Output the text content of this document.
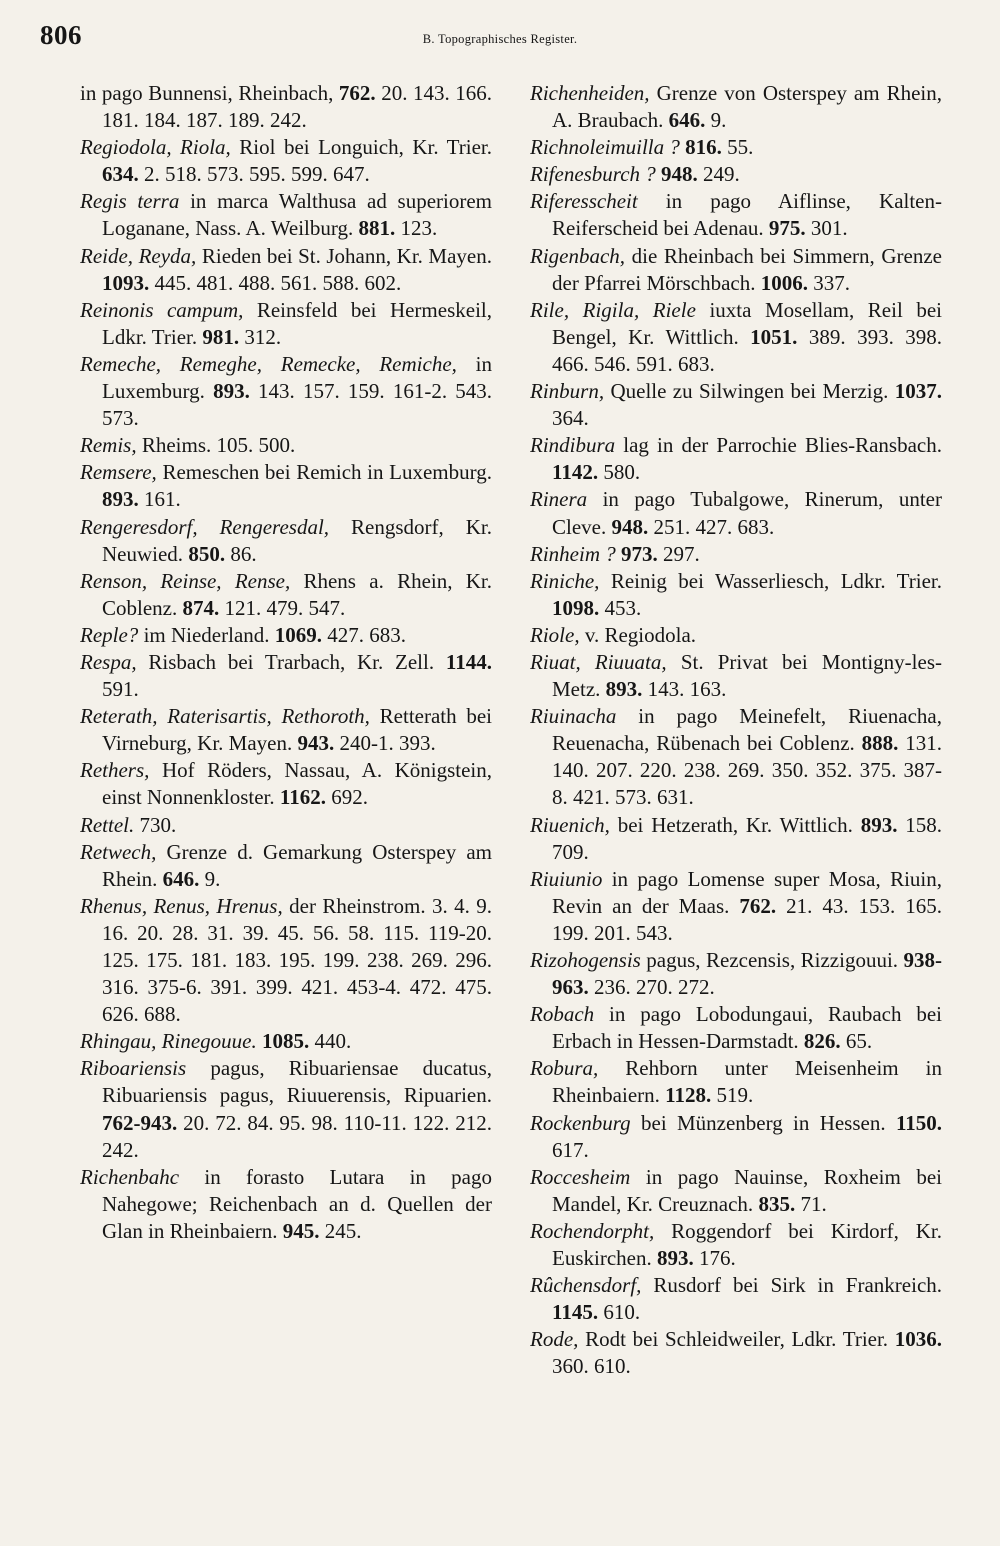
806	B. Topographisches Register.

in pago Bunnensi, Rheinbach, 762. 20. 143. 166. 181. 184. 187. 189. 242.

Regiodola, Riola, Riol bei Longuich, Kr. Trier. 634. 2. 518. 573. 595. 599. 647.

Regis terra in marca Walthusa ad superiorem Loganane, Nass. A. Weilburg. 881. 123.

Reide, Reyda, Rieden bei St. Johann, Kr. Mayen. 1093. 445. 481. 488. 561. 588. 602.

Reinonis campum, Reinsfeld bei Hermeskeil, Ldkr. Trier. 981. 312.

Remeche, Remeghe, Remecke, Remiche, in Luxemburg. 893. 143. 157. 159. 161-2. 543. 573.

Remis, Rheims. 105. 500.

Remsere, Remeschen bei Remich in Luxemburg. 893. 161.

Rengeresdorf, Rengeresdal, Rengsdorf, Kr. Neuwied. 850. 86.

Renson, Reinse, Rense, Rhens a. Rhein, Kr. Coblenz. 874. 121. 479. 547.

Reple? im Niederland. 1069. 427. 683.

Respa, Risbach bei Trarbach, Kr. Zell. 1144. 591.

Reterath, Raterisartis, Rethoroth, Retterath bei Virneburg, Kr. Mayen. 943. 240-1. 393.

Rethers, Hof Röders, Nassau, A. Königstein, einst Nonnenkloster. 1162. 692.

Rettel. 730.

Retwech, Grenze d. Gemarkung Osterspey am Rhein. 646. 9.

Rhenus, Renus, Hrenus, der Rheinstrom. 3. 4. 9. 16. 20. 28. 31. 39. 45. 56. 58. 115. 119-20. 125. 175. 181. 183. 195. 199. 238. 269. 296. 316. 375-6. 391. 399. 421. 453-4. 472. 475. 626. 688.

Rhingau, Rinegouue. 1085. 440.

Riboariensis pagus, Ribuariensae ducatus, Ribuariensis pagus, Riuuerensis, Ripuarien. 762-943. 20. 72. 84. 95. 98. 110-11. 122. 212. 242.

Richenbahc in forasto Lutara in pago Nahegowe; Reichenbach an d. Quellen der Glan in Rheinbaiern. 945. 245.

Richenheiden, Grenze von Osterspey am Rhein, A. Braubach. 646. 9.

Richnoleimuilla ? 816. 55.

Rifenesburch ? 948. 249.

Riferesscheit in pago Aiflinse, Kalten-Reiferscheid bei Adenau. 975. 301.

Rigenbach, die Rheinbach bei Simmern, Grenze der Pfarrei Mörschbach. 1006. 337.

Rile, Rigila, Riele iuxta Mosellam, Reil bei Bengel, Kr. Wittlich. 1051. 389. 393. 398. 466. 546. 591. 683.

Rinburn, Quelle zu Silwingen bei Merzig. 1037. 364.

Rindibura lag in der Parrochie Blies-Ransbach. 1142. 580.

Rinera in pago Tubalgowe, Rinerum, unter Cleve. 948. 251. 427. 683.

Rinheim ? 973. 297.

Riniche, Reinig bei Wasserliesch, Ldkr. Trier. 1098. 453.

Riole, v. Regiodola.

Riuat, Riuuata, St. Privat bei Montigny-les-Metz. 893. 143. 163.

Riuinacha in pago Meinefelt, Riuenacha, Reuenacha, Rübenach bei Coblenz. 888. 131. 140. 207. 220. 238. 269. 350. 352. 375. 387-8. 421. 573. 631.

Riuenich, bei Hetzerath, Kr. Wittlich. 893. 158. 709.

Riuiunio in pago Lomense super Mosa, Riuin, Revin an der Maas. 762. 21. 43. 153. 165. 199. 201. 543.

Rizohogensis pagus, Rezcensis, Rizzigouui. 938-963. 236. 270. 272.

Robach in pago Lobodungaui, Raubach bei Erbach in Hessen-Darmstadt. 826. 65.

Robura, Rehborn unter Meisenheim in Rheinbaiern. 1128. 519.

Rockenburg bei Münzenberg in Hessen. 1150. 617.

Roccesheim in pago Nauinse, Roxheim bei Mandel, Kr. Creuznach. 835. 71.

Rochendorpht, Roggendorf bei Kirdorf, Kr. Euskirchen. 893. 176.

Rûchensdorf, Rusdorf bei Sirk in Frankreich. 1145. 610.

Rode, Rodt bei Schleidweiler, Ldkr. Trier. 1036. 360. 610.
